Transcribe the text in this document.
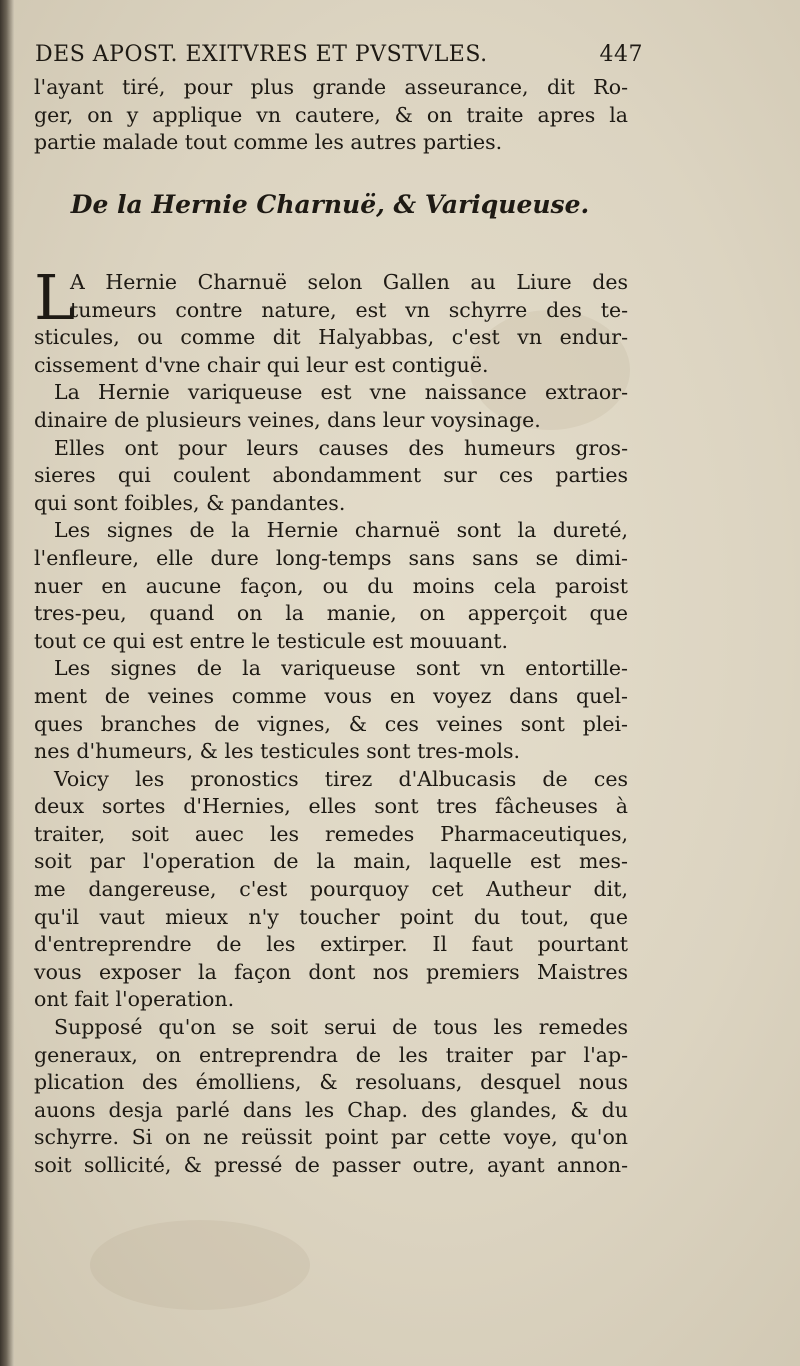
DES APOST. EXITVRES ET PVSTVLES.	447
l'ayant tiré, pour plus grande asseurance, dit Ro-
ger, on y applique vn cautere, & on traite apres la
partie malade tout comme les autres parties.
De la Hernie Charnuë, & Variqueuse.
L
A Hernie Charnuë selon Gallen au Liure des
tumeurs contre nature, est vn schyrre des te-
sticules, ou comme dit Halyabbas, c'est vn endur-
cissement d'vne chair qui leur est contiguë.
La Hernie variqueuse est vne naissance extraor-
dinaire de plusieurs veines, dans leur voysinage.
Elles ont pour leurs causes des humeurs gros-
sieres qui coulent abondamment sur ces parties
qui sont foibles, & pandantes.
Les signes de la Hernie charnuë sont la dureté,
l'enfleure, elle dure long-temps sans sans se dimi-
nuer en aucune façon, ou du moins cela paroist
tres-peu, quand on la manie, on apperçoit que
tout ce qui est entre le testicule est mouuant.
Les signes de la variqueuse sont vn entortille-
ment de veines comme vous en voyez dans quel-
ques branches de vignes, & ces veines sont plei-
nes d'humeurs, & les testicules sont tres-mols.
Voicy les pronostics tirez d'Albucasis de ces
deux sortes d'Hernies, elles sont tres fâcheuses à
traiter, soit auec les remedes Pharmaceutiques,
soit par l'operation de la main, laquelle est mes-
me dangereuse, c'est pourquoy cet Autheur dit,
qu'il vaut mieux n'y toucher point du tout, que
d'entreprendre de les extirper. Il faut pourtant
vous exposer la façon dont nos premiers Maistres
ont fait l'operation.
Supposé qu'on se soit serui de tous les remedes
generaux, on entreprendra de les traiter par l'ap-
plication des émolliens, & resoluans, desquel nous
auons desja parlé dans les Chap. des glandes, & du
schyrre. Si on ne reüssit point par cette voye, qu'on
soit sollicité, & pressé de passer outre, ayant annon-
